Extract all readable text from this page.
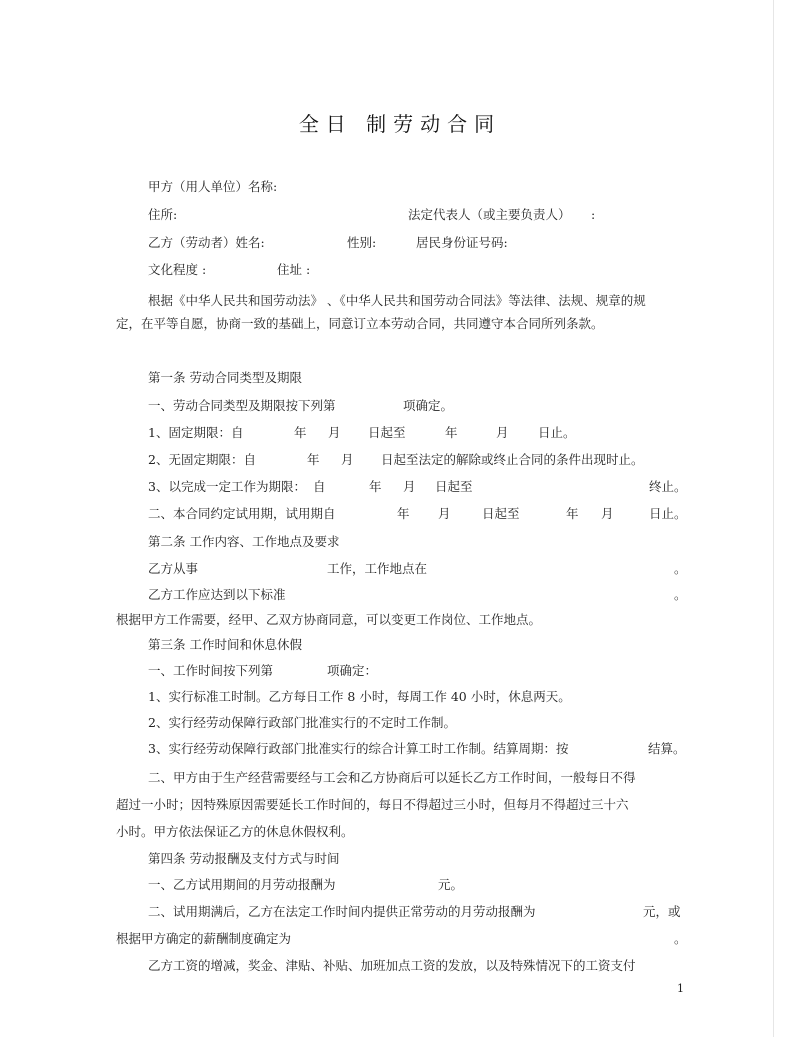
全日 制劳动合同
甲方（用人单位）名称:
住所:	法定代表人（或主要负责人） :
乙方（劳动者）姓名:	性别:	居民身份证号码:
文化程度 :	住址 :
根据《中华人民共和国劳动法》 、《中华人民共和国劳动合同法》等法律、法规、规章的规
定，在平等自愿，协商一致的基础上，同意订立本劳动合同，共同遵守本合同所列条款。
第一条 劳动合同类型及期限
一、劳动合同类型及期限按下列第	项确定。
1、固定期限：自	年 月 日起至	年	月 日止。
2、无固定期限：自	年 月 日起至法定的解除或终止合同的条件出现时止。
3、以完成一定工作为期限： 自	年 月 日起至	终止。
二、本合同约定试用期，试用期自	年 月	日起至	年 月	日止。
第二条 工作内容、工作地点及要求
乙方从事	工作，工作地点在	。
乙方工作应达到以下标准	。
根据甲方工作需要，经甲、乙双方协商同意，可以变更工作岗位、工作地点。
第三条 工作时间和休息休假
一、工作时间按下列第	项确定：
1、实行标准工时制。乙方每日工作 8 小时，每周工作 40 小时，休息两天。
2、实行经劳动保障行政部门批准实行的不定时工作制。
3、实行经劳动保障行政部门批准实行的综合计算工时工作制。结算周期：按	结算。
二、甲方由于生产经营需要经与工会和乙方协商后可以延长乙方工作时间，一般每日不得
超过一小时；因特殊原因需要延长工作时间的，每日不得超过三小时，但每月不得超过三十六
小时。甲方依法保证乙方的休息休假权利。
第四条 劳动报酬及支付方式与时间
一、乙方试用期间的月劳动报酬为	元。
二、试用期满后，乙方在法定工作时间内提供正常劳动的月劳动报酬为	元，或
根据甲方确定的薪酬制度确定为	。
乙方工资的增减，奖金、津贴、补贴、加班加点工资的发放，以及特殊情况下的工资支付
1
